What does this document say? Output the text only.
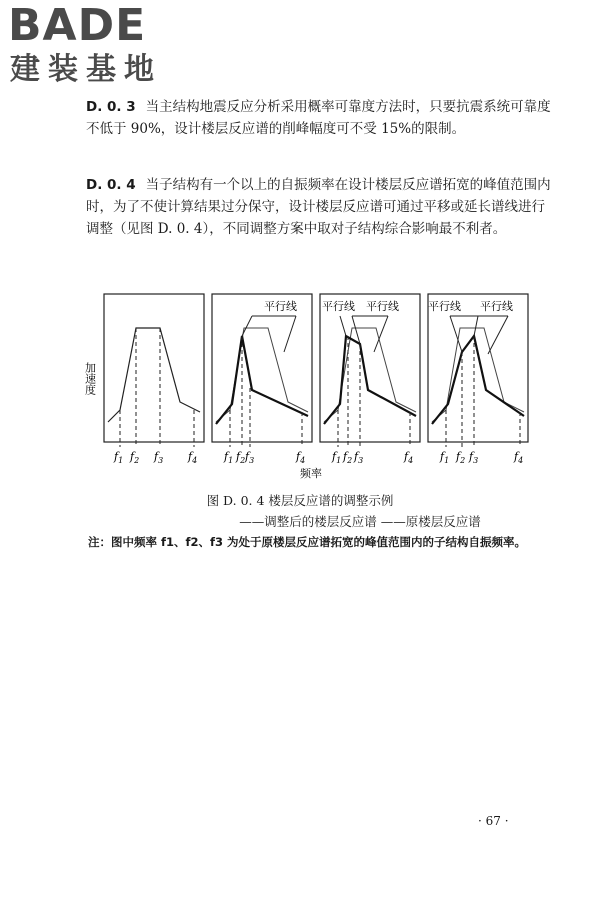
BADE
建装基地
D. 0. 3 当主结构地震反应分析采用概率可靠度方法时，只要抗震系统可靠度不低于 90%，设计楼层反应谱的削峰幅度可不受 15%的限制。
D. 0. 4 当子结构有一个以上的自振频率在设计楼层反应谱拓宽的峰值范围内时，为了不使计算结果过分保守，设计楼层反应谱可通过平移或延长谱线进行调整（见图 D. 0. 4），不同调整方案中取对子结构综合影响最不利者。
加速度
平行线 平行线 平行线	平行线 平行线
$f_1$ $f_2$ $f_3$ $f_4$ $f_1$ $f_2$ $f_3$	$f_4$ $f_1$ $f_2$ $f_3$	$f_4$ $f_1$ $f_2$ $f_3$	$f_4$
频率
图 D. 0. 4 楼层反应谱的调整示例
——调整后的楼层反应谱 ——原楼层反应谱
注：图中频率 f1、f2、f3 为处于原楼层反应谱拓宽的峰值范围内的子结构自振频率。
· 67 ·
